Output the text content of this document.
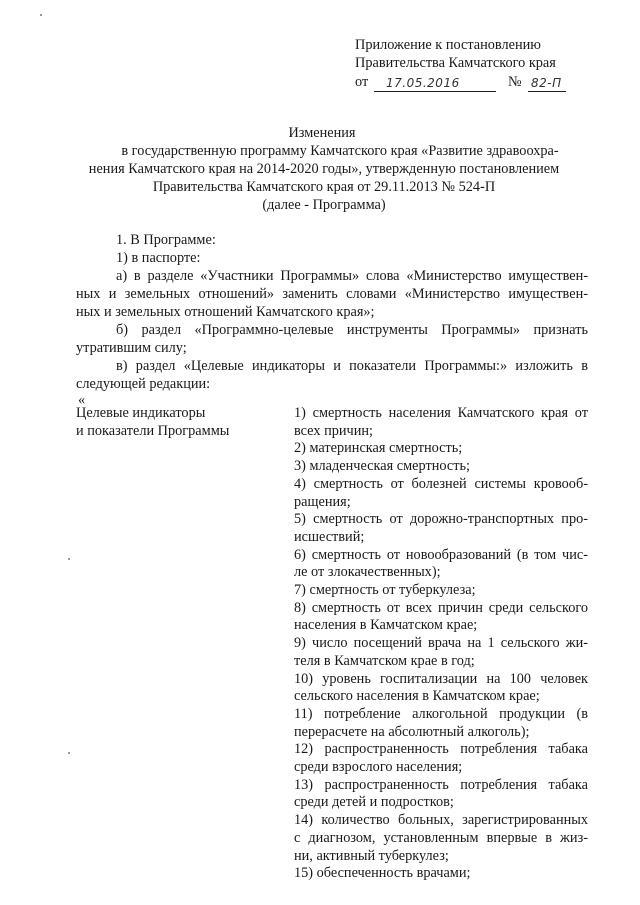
Приложение к постановлению
Правительства Камчатского края
от 17.05.2016	№ 82-П
Изменения
в государственную программу Камчатского края «Развитие здравоохра-
нения Камчатского края на 2014-2020 годы», утвержденную постановлением
Правительства Камчатского края от 29.11.2013 № 524-П
(далее - Программа)
1. В Программе:
1) в паспорте:
а) в разделе «Участники Программы» слова «Министерство имуществен-
ных и земельных отношений» заменить словами «Министерство имуществен-
ных и земельных отношений Камчатского края»;
б) раздел «Программно-целевые инструменты Программы» признать
утратившим силу;
в) раздел «Целевые индикаторы и показатели Программы:» изложить в
следующей редакции:
«
Целевые индикаторы
и показатели Программы
1) смертность населения Камчатского края от
всех причин;
2) материнская смертность;
3) младенческая смертность;
4) смертность от болезней системы кровооб-
ращения;
5) смертность от дорожно-транспортных про-
исшествий;
6) смертность от новообразований (в том чис-
ле от злокачественных);
7) смертность от туберкулеза;
8) смертность от всех причин среди сельского
населения в Камчатском крае;
9) число посещений врача на 1 сельского жи-
теля в Камчатском крае в год;
10) уровень госпитализации на 100 человек
сельского населения в Камчатском крае;
11) потребление алкогольной продукции (в
перерасчете на абсолютный алкоголь);
12) распространенность потребления табака
среди взрослого населения;
13) распространенность потребления табака
среди детей и подростков;
14) количество больных, зарегистрированных
с диагнозом, установленным впервые в жиз-
ни, активный туберкулез;
15) обеспеченность врачами;
